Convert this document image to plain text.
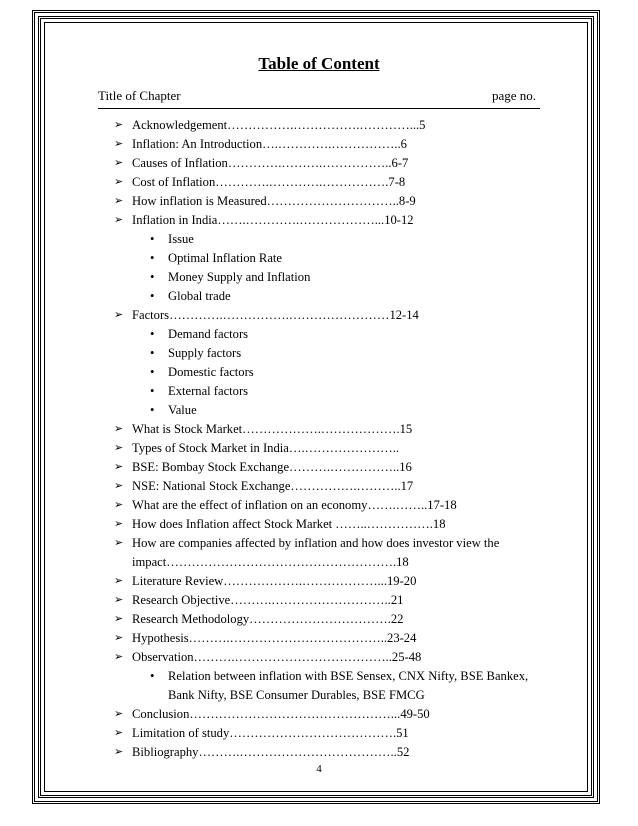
Table of Content
Title of Chapter	page no.
➢ Acknowledgement…………….…………….…………...5
➢ Inflation: An Introduction….………….……………..6
➢ Causes of Inflation………….……….……………..6-7
➢ Cost of Inflation………….………….…………….7-8
➢ How inflation is Measured…………………………..8-9
➢ Inflation in India…….………….………………...10-12
• Issue
• Optimal Inflation Rate
• Money Supply and Inflation
• Global trade
➢ Factors………….…………….……………………12-14
• Demand factors
• Supply factors
• Domestic factors
• External factors
• Value
➢ What is Stock Market……………….……………….15
➢ Types of Stock Market in India….…………………..
➢ BSE: Bombay Stock Exchange……….……………..16
➢ NSE: National Stock Exchange…………….………..17
➢ What are the effect of inflation on an economy…….……..17-18
➢ How does Inflation affect Stock Market ……..…………….18
➢ How are companies affected by inflation and how does investor view the impact……………………………………………….18
➢ Literature Review……………….………………...19-20
➢ Research Objective……….………………………..21
➢ Research Methodology…………………………….22
➢ Hypothesis……….………………………………..23-24
➢ Observation……….………………………………..25-48
• Relation between inflation with BSE Sensex, CNX Nifty, BSE Bankex, Bank Nifty, BSE Consumer Durables, BSE FMCG
➢ Conclusion…………………………………………...49-50
➢ Limitation of study………………………………….51
➢ Bibliography……….………………………………..52
4
